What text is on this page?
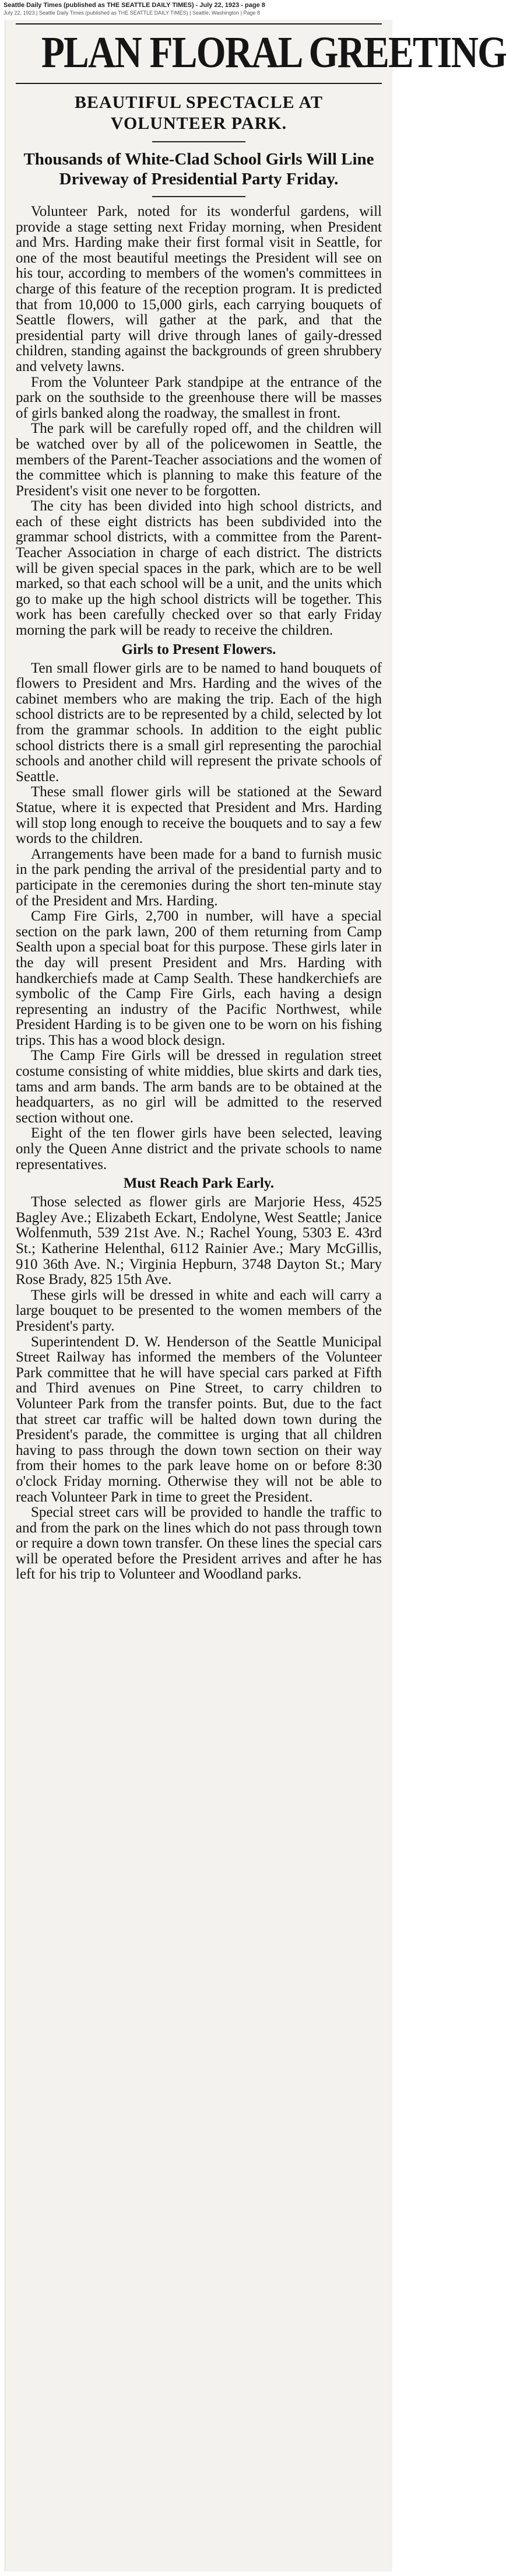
Seattle Daily Times (published as THE SEATTLE DAILY TIMES) - July 22, 1923 - page 8
July 22, 1923 | Seattle Daily Times (published as THE SEATTLE DAILY TIMES) | Seattle, Washington | Page 8
PLAN FLORAL GREETING
BEAUTIFUL SPECTACLE AT VOLUNTEER PARK.
Thousands of White-Clad School Girls Will Line Driveway of Presidential Party Friday.

Volunteer Park, noted for its wonderful gardens, will provide a stage setting next Friday morning, when President and Mrs. Harding make their first formal visit in Seattle, for one of the most beautiful meetings the President will see on his tour, according to members of the women's committees in charge of this feature of the reception program. It is predicted that from 10,000 to 15,000 girls, each carrying bouquets of Seattle flowers, will gather at the park, and that the presidential party will drive through lanes of gaily-dressed children, standing against the backgrounds of green shrubbery and velvety lawns.

From the Volunteer Park standpipe at the entrance of the park on the southside to the greenhouse there will be masses of girls banked along the roadway, the smallest in front.

The park will be carefully roped off, and the children will be watched over by all of the policewomen in Seattle, the members of the Parent-Teacher associations and the women of the committee which is planning to make this feature of the President's visit one never to be forgotten.

The city has been divided into high school districts, and each of these eight districts has been subdivided into the grammar school districts, with a committee from the Parent-Teacher Association in charge of each district. The districts will be given special spaces in the park, which are to be well marked, so that each school will be a unit, and the units which go to make up the high school districts will be together. This work has been carefully checked over so that early Friday morning the park will be ready to receive the children.

Girls to Present Flowers.

Ten small flower girls are to be named to hand bouquets of flowers to President and Mrs. Harding and the wives of the cabinet members who are making the trip. Each of the high school districts are to be represented by a child, selected by lot from the grammar schools. In addition to the eight public school districts there is a small girl representing the parochial schools and another child will represent the private schools of Seattle.

These small flower girls will be stationed at the Seward Statue, where it is expected that President and Mrs. Harding will stop long enough to receive the bouquets and to say a few words to the children.

Arrangements have been made for a band to furnish music in the park pending the arrival of the presidential party and to participate in the ceremonies during the short ten-minute stay of the President and Mrs. Harding.

Camp Fire Girls, 2,700 in number, will have a special section on the park lawn, 200 of them returning from Camp Sealth upon a special boat for this purpose. These girls later in the day will present President and Mrs. Harding with handkerchiefs made at Camp Sealth. These handkerchiefs are symbolic of the Camp Fire Girls, each having a design representing an industry of the Pacific Northwest, while President Harding is to be given one to be worn on his fishing trips. This has a wood block design.

The Camp Fire Girls will be dressed in regulation street costume consisting of white middies, blue skirts and dark ties, tams and arm bands. The arm bands are to be obtained at the headquarters, as no girl will be admitted to the reserved section without one.

Eight of the ten flower girls have been selected, leaving only the Queen Anne district and the private schools to name representatives.

Must Reach Park Early.

Those selected as flower girls are Marjorie Hess, 4525 Bagley Ave.; Elizabeth Eckart, Endolyne, West Seattle; Janice Wolfenmuth, 539 21st Ave. N.; Rachel Young, 5303 E. 43rd St.; Katherine Helenthal, 6112 Rainier Ave.; Mary McGillis, 910 36th Ave. N.; Virginia Hepburn, 3748 Dayton St.; Mary Rose Brady, 825 15th Ave.

These girls will be dressed in white and each will carry a large bouquet to be presented to the women members of the President's party.

Superintendent D. W. Henderson of the Seattle Municipal Street Railway has informed the members of the Volunteer Park committee that he will have special cars parked at Fifth and Third avenues on Pine Street, to carry children to Volunteer Park from the transfer points. But, due to the fact that street car traffic will be halted down town during the President's parade, the committee is urging that all children having to pass through the down town section on their way from their homes to the park leave home on or before 8:30 o'clock Friday morning. Otherwise they will not be able to reach Volunteer Park in time to greet the President.

Special street cars will be provided to handle the traffic to and from the park on the lines which do not pass through town or require a down town transfer. On these lines the special cars will be operated before the President arrives and after he has left for his trip to Volunteer and Woodland parks.
